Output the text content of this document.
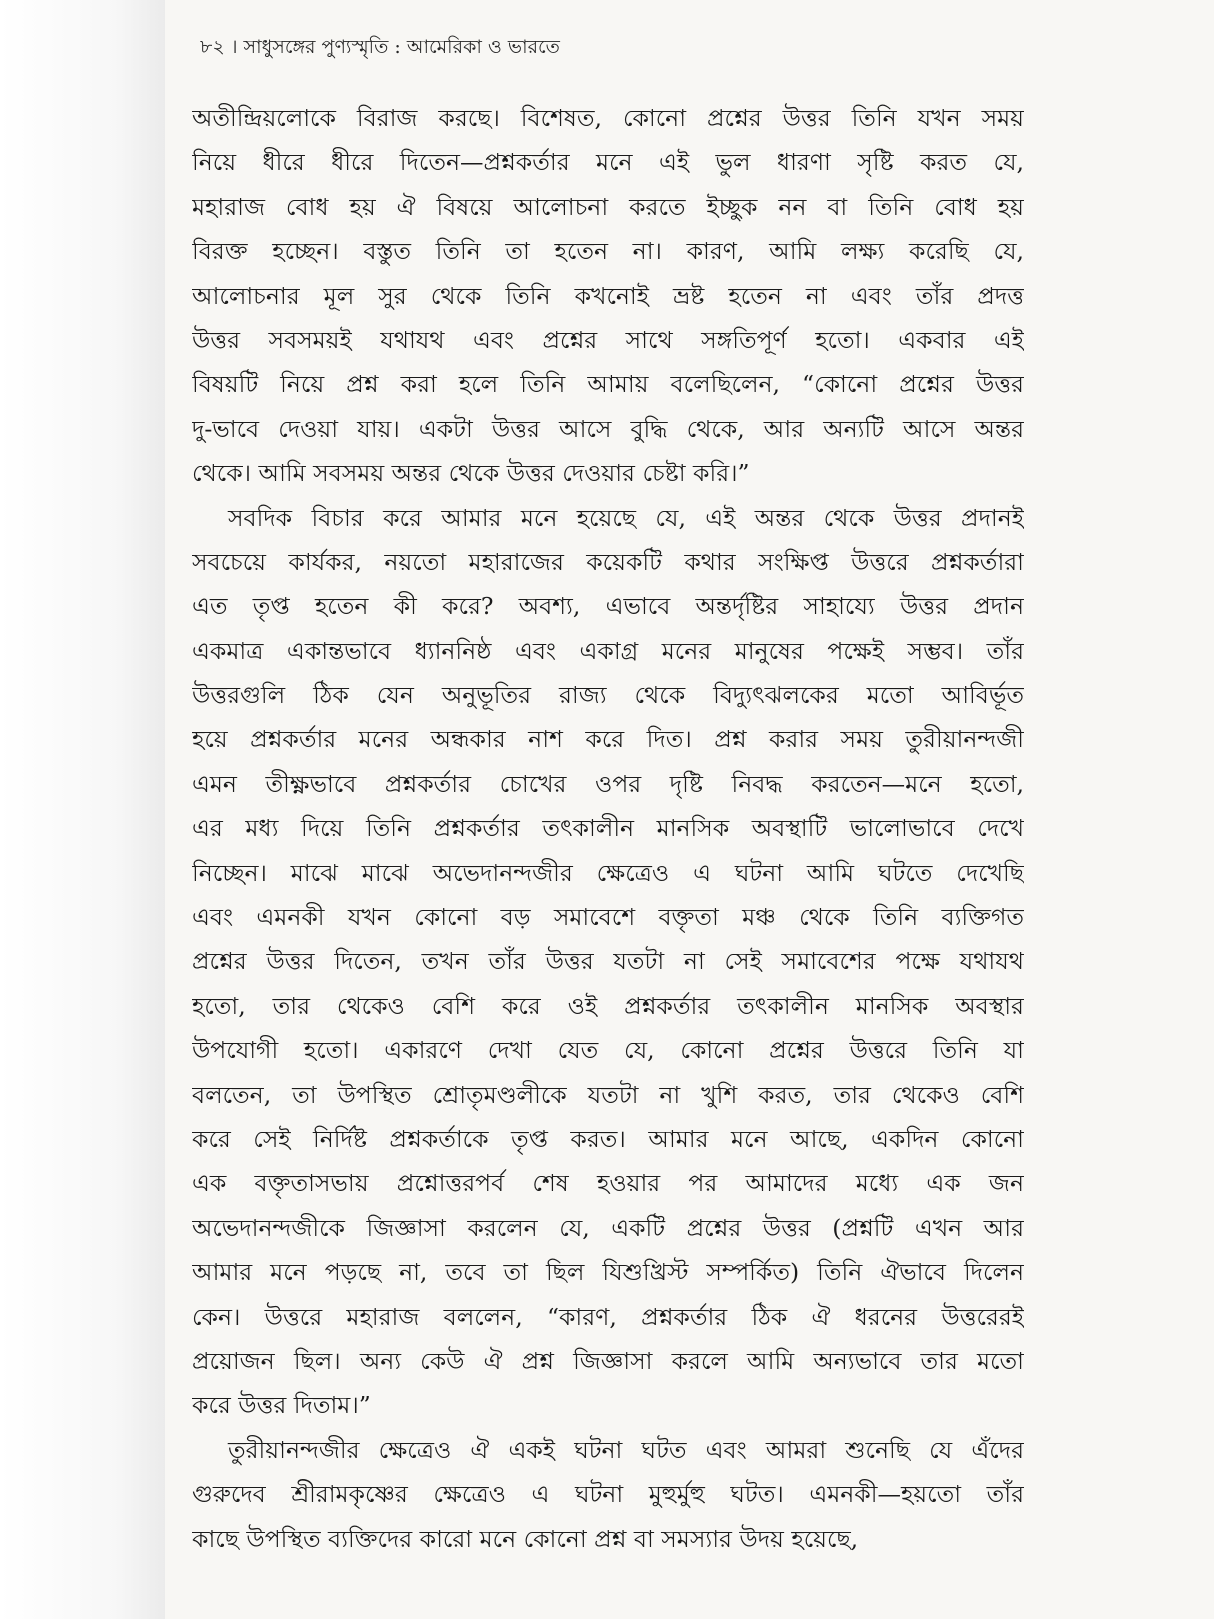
৮২ । সাধুসঙ্গের পুণ্যস্মৃতি : আমেরিকা ও ভারতে
অতীন্দ্রিয়লোকে বিরাজ করছে। বিশেষত, কোনো প্রশ্নের উত্তর তিনি যখন সময়
নিয়ে ধীরে ধীরে দিতেন—প্রশ্নকর্তার মনে এই ভুল ধারণা সৃষ্টি করত যে,
মহারাজ বোধ হয় ঐ বিষয়ে আলোচনা করতে ইচ্ছুক নন বা তিনি বোধ হয়
বিরক্ত হচ্ছেন। বস্তুত তিনি তা হতেন না। কারণ, আমি লক্ষ্য করেছি যে,
আলোচনার মূল সুর থেকে তিনি কখনোই ভ্রষ্ট হতেন না এবং তাঁর প্রদত্ত
উত্তর সবসময়ই যথাযথ এবং প্রশ্নের সাথে সঙ্গতিপূর্ণ হতো। একবার এই
বিষয়টি নিয়ে প্রশ্ন করা হলে তিনি আমায় বলেছিলেন, “কোনো প্রশ্নের উত্তর
দু-ভাবে দেওয়া যায়। একটা উত্তর আসে বুদ্ধি থেকে, আর অন্যটি আসে অন্তর
থেকে। আমি সবসময় অন্তর থেকে উত্তর দেওয়ার চেষ্টা করি।”
সবদিক বিচার করে আমার মনে হয়েছে যে, এই অন্তর থেকে উত্তর প্রদানই
সবচেয়ে কার্যকর, নয়তো মহারাজের কয়েকটি কথার সংক্ষিপ্ত উত্তরে প্রশ্নকর্তারা
এত তৃপ্ত হতেন কী করে? অবশ্য, এভাবে অন্তর্দৃষ্টির সাহায্যে উত্তর প্রদান
একমাত্র একান্তভাবে ধ্যাননিষ্ঠ এবং একাগ্র মনের মানুষের পক্ষেই সম্ভব। তাঁর
উত্তরগুলি ঠিক যেন অনুভূতির রাজ্য থেকে বিদ্যুৎঝলকের মতো আবির্ভূত
হয়ে প্রশ্নকর্তার মনের অন্ধকার নাশ করে দিত। প্রশ্ন করার সময় তুরীয়ানন্দজী
এমন তীক্ষ্ণভাবে প্রশ্নকর্তার চোখের ওপর দৃষ্টি নিবদ্ধ করতেন—মনে হতো,
এর মধ্য দিয়ে তিনি প্রশ্নকর্তার তৎকালীন মানসিক অবস্থাটি ভালোভাবে দেখে
নিচ্ছেন। মাঝে মাঝে অভেদানন্দজীর ক্ষেত্রেও এ ঘটনা আমি ঘটতে দেখেছি
এবং এমনকী যখন কোনো বড় সমাবেশে বক্তৃতা মঞ্চ থেকে তিনি ব্যক্তিগত
প্রশ্নের উত্তর দিতেন, তখন তাঁর উত্তর যতটা না সেই সমাবেশের পক্ষে যথাযথ
হতো, তার থেকেও বেশি করে ওই প্রশ্নকর্তার তৎকালীন মানসিক অবস্থার
উপযোগী হতো। একারণে দেখা যেত যে, কোনো প্রশ্নের উত্তরে তিনি যা
বলতেন, তা উপস্থিত শ্রোতৃমণ্ডলীকে যতটা না খুশি করত, তার থেকেও বেশি
করে সেই নির্দিষ্ট প্রশ্নকর্তাকে তৃপ্ত করত। আমার মনে আছে, একদিন কোনো
এক বক্তৃতাসভায় প্রশ্নোত্তরপর্ব শেষ হওয়ার পর আমাদের মধ্যে এক জন
অভেদানন্দজীকে জিজ্ঞাসা করলেন যে, একটি প্রশ্নের উত্তর (প্রশ্নটি এখন আর
আমার মনে পড়ছে না, তবে তা ছিল যিশুখ্রিস্ট সম্পর্কিত) তিনি ঐভাবে দিলেন
কেন। উত্তরে মহারাজ বললেন, “কারণ, প্রশ্নকর্তার ঠিক ঐ ধরনের উত্তরেরই
প্রয়োজন ছিল। অন্য কেউ ঐ প্রশ্ন জিজ্ঞাসা করলে আমি অন্যভাবে তার মতো
করে উত্তর দিতাম।”
তুরীয়ানন্দজীর ক্ষেত্রেও ঐ একই ঘটনা ঘটত এবং আমরা শুনেছি যে এঁদের
গুরুদেব শ্রীরামকৃষ্ণের ক্ষেত্রেও এ ঘটনা মুহুর্মুহু ঘটত। এমনকী—হয়তো তাঁর
কাছে উপস্থিত ব্যক্তিদের কারো মনে কোনো প্রশ্ন বা সমস্যার উদয় হয়েছে,
